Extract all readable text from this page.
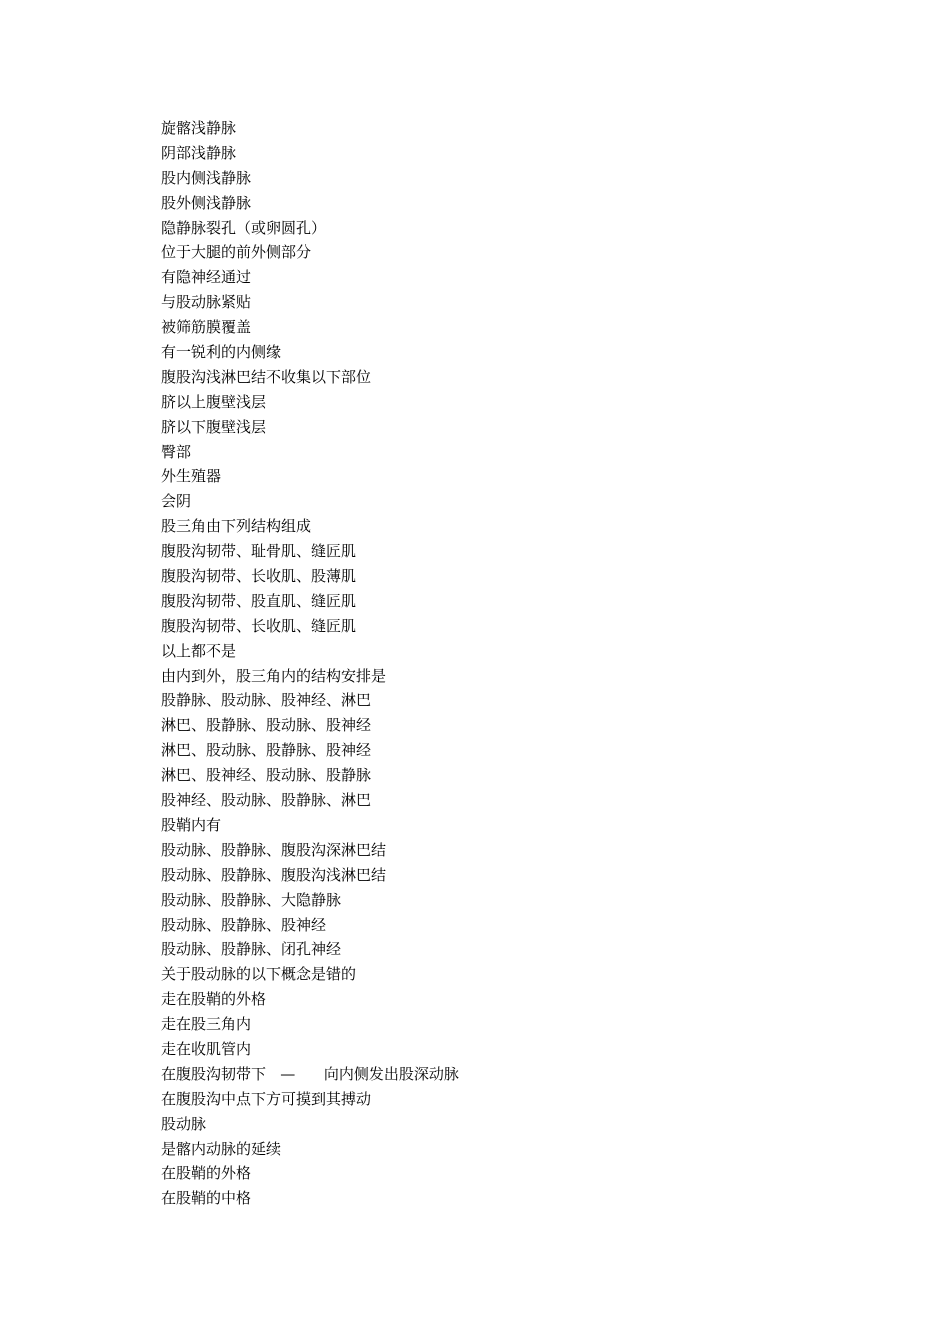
旋髂浅静脉
阴部浅静脉
股内侧浅静脉
股外侧浅静脉
隐静脉裂孔（或卵圆孔）
位于大腿的前外侧部分
有隐神经通过
与股动脉紧贴
被筛筋膜覆盖
有一锐利的内侧缘
腹股沟浅淋巴结不收集以下部位
脐以上腹壁浅层
脐以下腹壁浅层
臀部
外生殖器
会阴
股三角由下列结构组成
腹股沟韧带、耻骨肌、缝匠肌
腹股沟韧带、长收肌、股薄肌
腹股沟韧带、股直肌、缝匠肌
腹股沟韧带、长收肌、缝匠肌
以上都不是
由内到外，股三角内的结构安排是
股静脉、股动脉、股神经、淋巴
淋巴、股静脉、股动脉、股神经
淋巴、股动脉、股静脉、股神经
淋巴、股神经、股动脉、股静脉
股神经、股动脉、股静脉、淋巴
股鞘内有
股动脉、股静脉、腹股沟深淋巴结
股动脉、股静脉、腹股沟浅淋巴结
股动脉、股静脉、大隐静脉
股动脉、股静脉、股神经
股动脉、股静脉、闭孔神经
关于股动脉的以下概念是错的
走在股鞘的外格
走在股三角内
走在收肌管内
在腹股沟韧带下   —      向内侧发出股深动脉
在腹股沟中点下方可摸到其搏动
股动脉
是髂内动脉的延续
在股鞘的外格
在股鞘的中格
